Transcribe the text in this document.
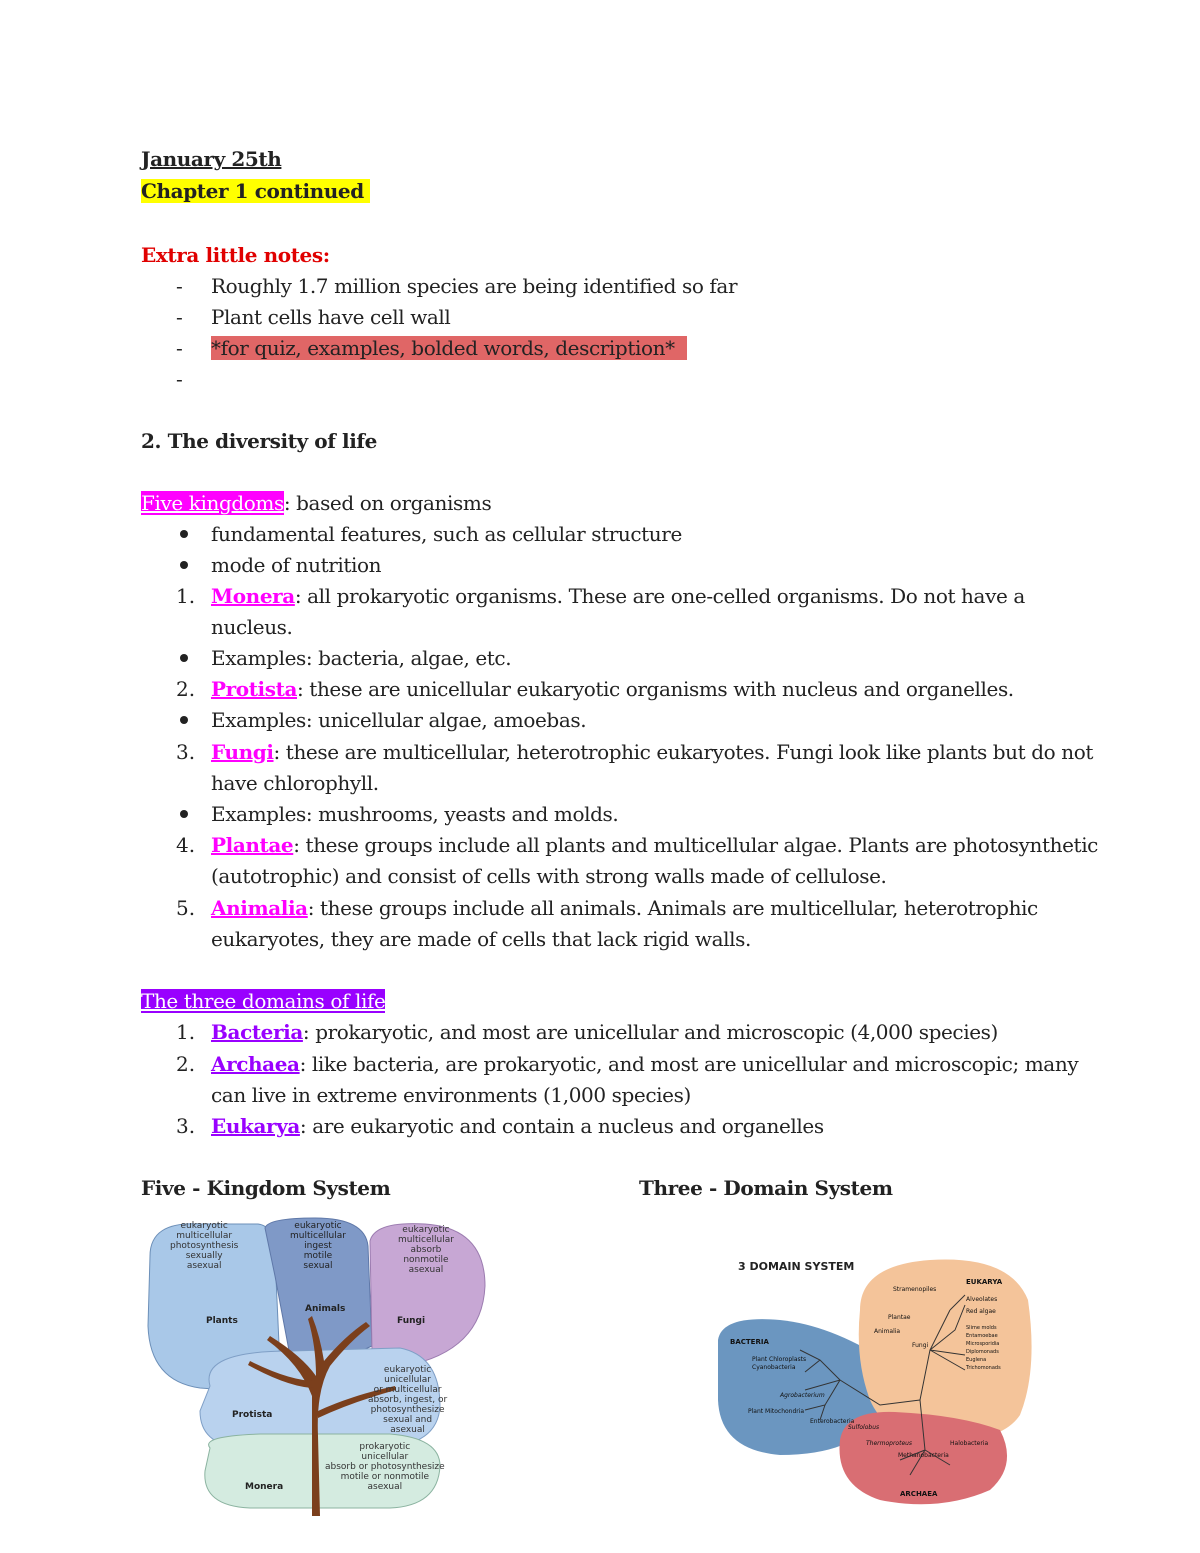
January 25th
Chapter 1 continued
Extra little notes:
- Roughly 1.7 million species are being identified so far
- Plant cells have cell wall
- *for quiz, examples, bolded words, description*
-
2. The diversity of life
Five kingdoms: based on organisms
fundamental features, such as cellular structure
mode of nutrition
1. Monera: all prokaryotic organisms. These are one-celled organisms. Do not have a
nucleus.
Examples: bacteria, algae, etc.
2. Protista: these are unicellular eukaryotic organisms with nucleus and organelles.
Examples: unicellular algae, amoebas.
3. Fungi: these are multicellular, heterotrophic eukaryotes. Fungi look like plants but do not
have chlorophyll.
Examples: mushrooms, yeasts and molds.
4. Plantae: these groups include all plants and multicellular algae. Plants are photosynthetic
(autotrophic) and consist of cells with strong walls made of cellulose.
5. Animalia: these groups include all animals. Animals are multicellular, heterotrophic
eukaryotes, they are made of cells that lack rigid walls.
The three domains of life
1. Bacteria: prokaryotic, and most are unicellular and microscopic (4,000 species)
2. Archaea: like bacteria, are prokaryotic, and most are unicellular and microscopic; many
can live in extreme environments (1,000 species)
3. Eukarya: are eukaryotic and contain a nucleus and organelles
Five - Kingdom System	Three - Domain System
eukaryotic
multicellular
photosynthesis
sexually
asexual
eukaryotic
multicellular
ingest
motile
sexual
eukaryotic
multicellular
absorb
nonmotile
asexual
eukaryotic
unicellular
or multicellular
absorb, ingest, or
photosynthesize
sexual and
asexual
prokaryotic
unicellular
absorb or photosynthesize
motile or nonmotile
asexual
Plants
Animals
Fungi
Protista
Monera
3 DOMAIN SYSTEM
BACTERIA
EUKARYA
ARCHAEA
Plant Chloroplasts
Cyanobacteria
Agrobacterium
Plant Mitochondria
Enterobacteria
Stramenopiles
Alveolates
Red algae
Plantae
Animalia
Fungi
Slime molds
Entamoebae
Microsporidia
Diplomonads
Euglena
Trichomonads
Sulfolobus
Thermoproteus	Halobacteria
Methanobacteria
